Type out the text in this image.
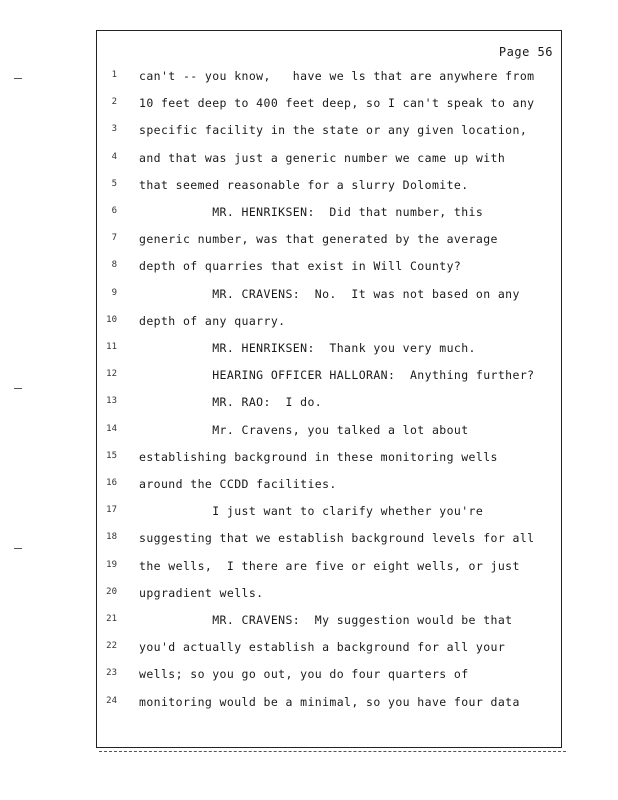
Page 56
1 can't -- you know,   have we ls that are anywhere from
2 10 feet deep to 400 feet deep, so I can't speak to any
3 specific facility in the state or any given location,
4 and that was just a generic number we came up with
5 that seemed reasonable for a slurry Dolomite.
6 MR. HENRIKSEN:  Did that number, this
7 generic number, was that generated by the average
8 depth of quarries that exist in Will County?
9 MR. CRAVENS:  No.  It was not based on any
10 depth of any quarry.
11 MR. HENRIKSEN:  Thank you very much.
12 HEARING OFFICER HALLORAN:  Anything further?
13 MR. RAO:  I do.
14 Mr. Cravens, you talked a lot about
15 establishing background in these monitoring wells
16 around the CCDD facilities.
17 I just want to clarify whether you're
18 suggesting that we establish background levels for all
19 the wells,  I there are five or eight wells, or just
20 upgradient wells.
21 MR. CRAVENS:  My suggestion would be that
22 you'd actually establish a background for all your
23 wells; so you go out, you do four quarters of
24 monitoring would be a minimal, so you have four data
